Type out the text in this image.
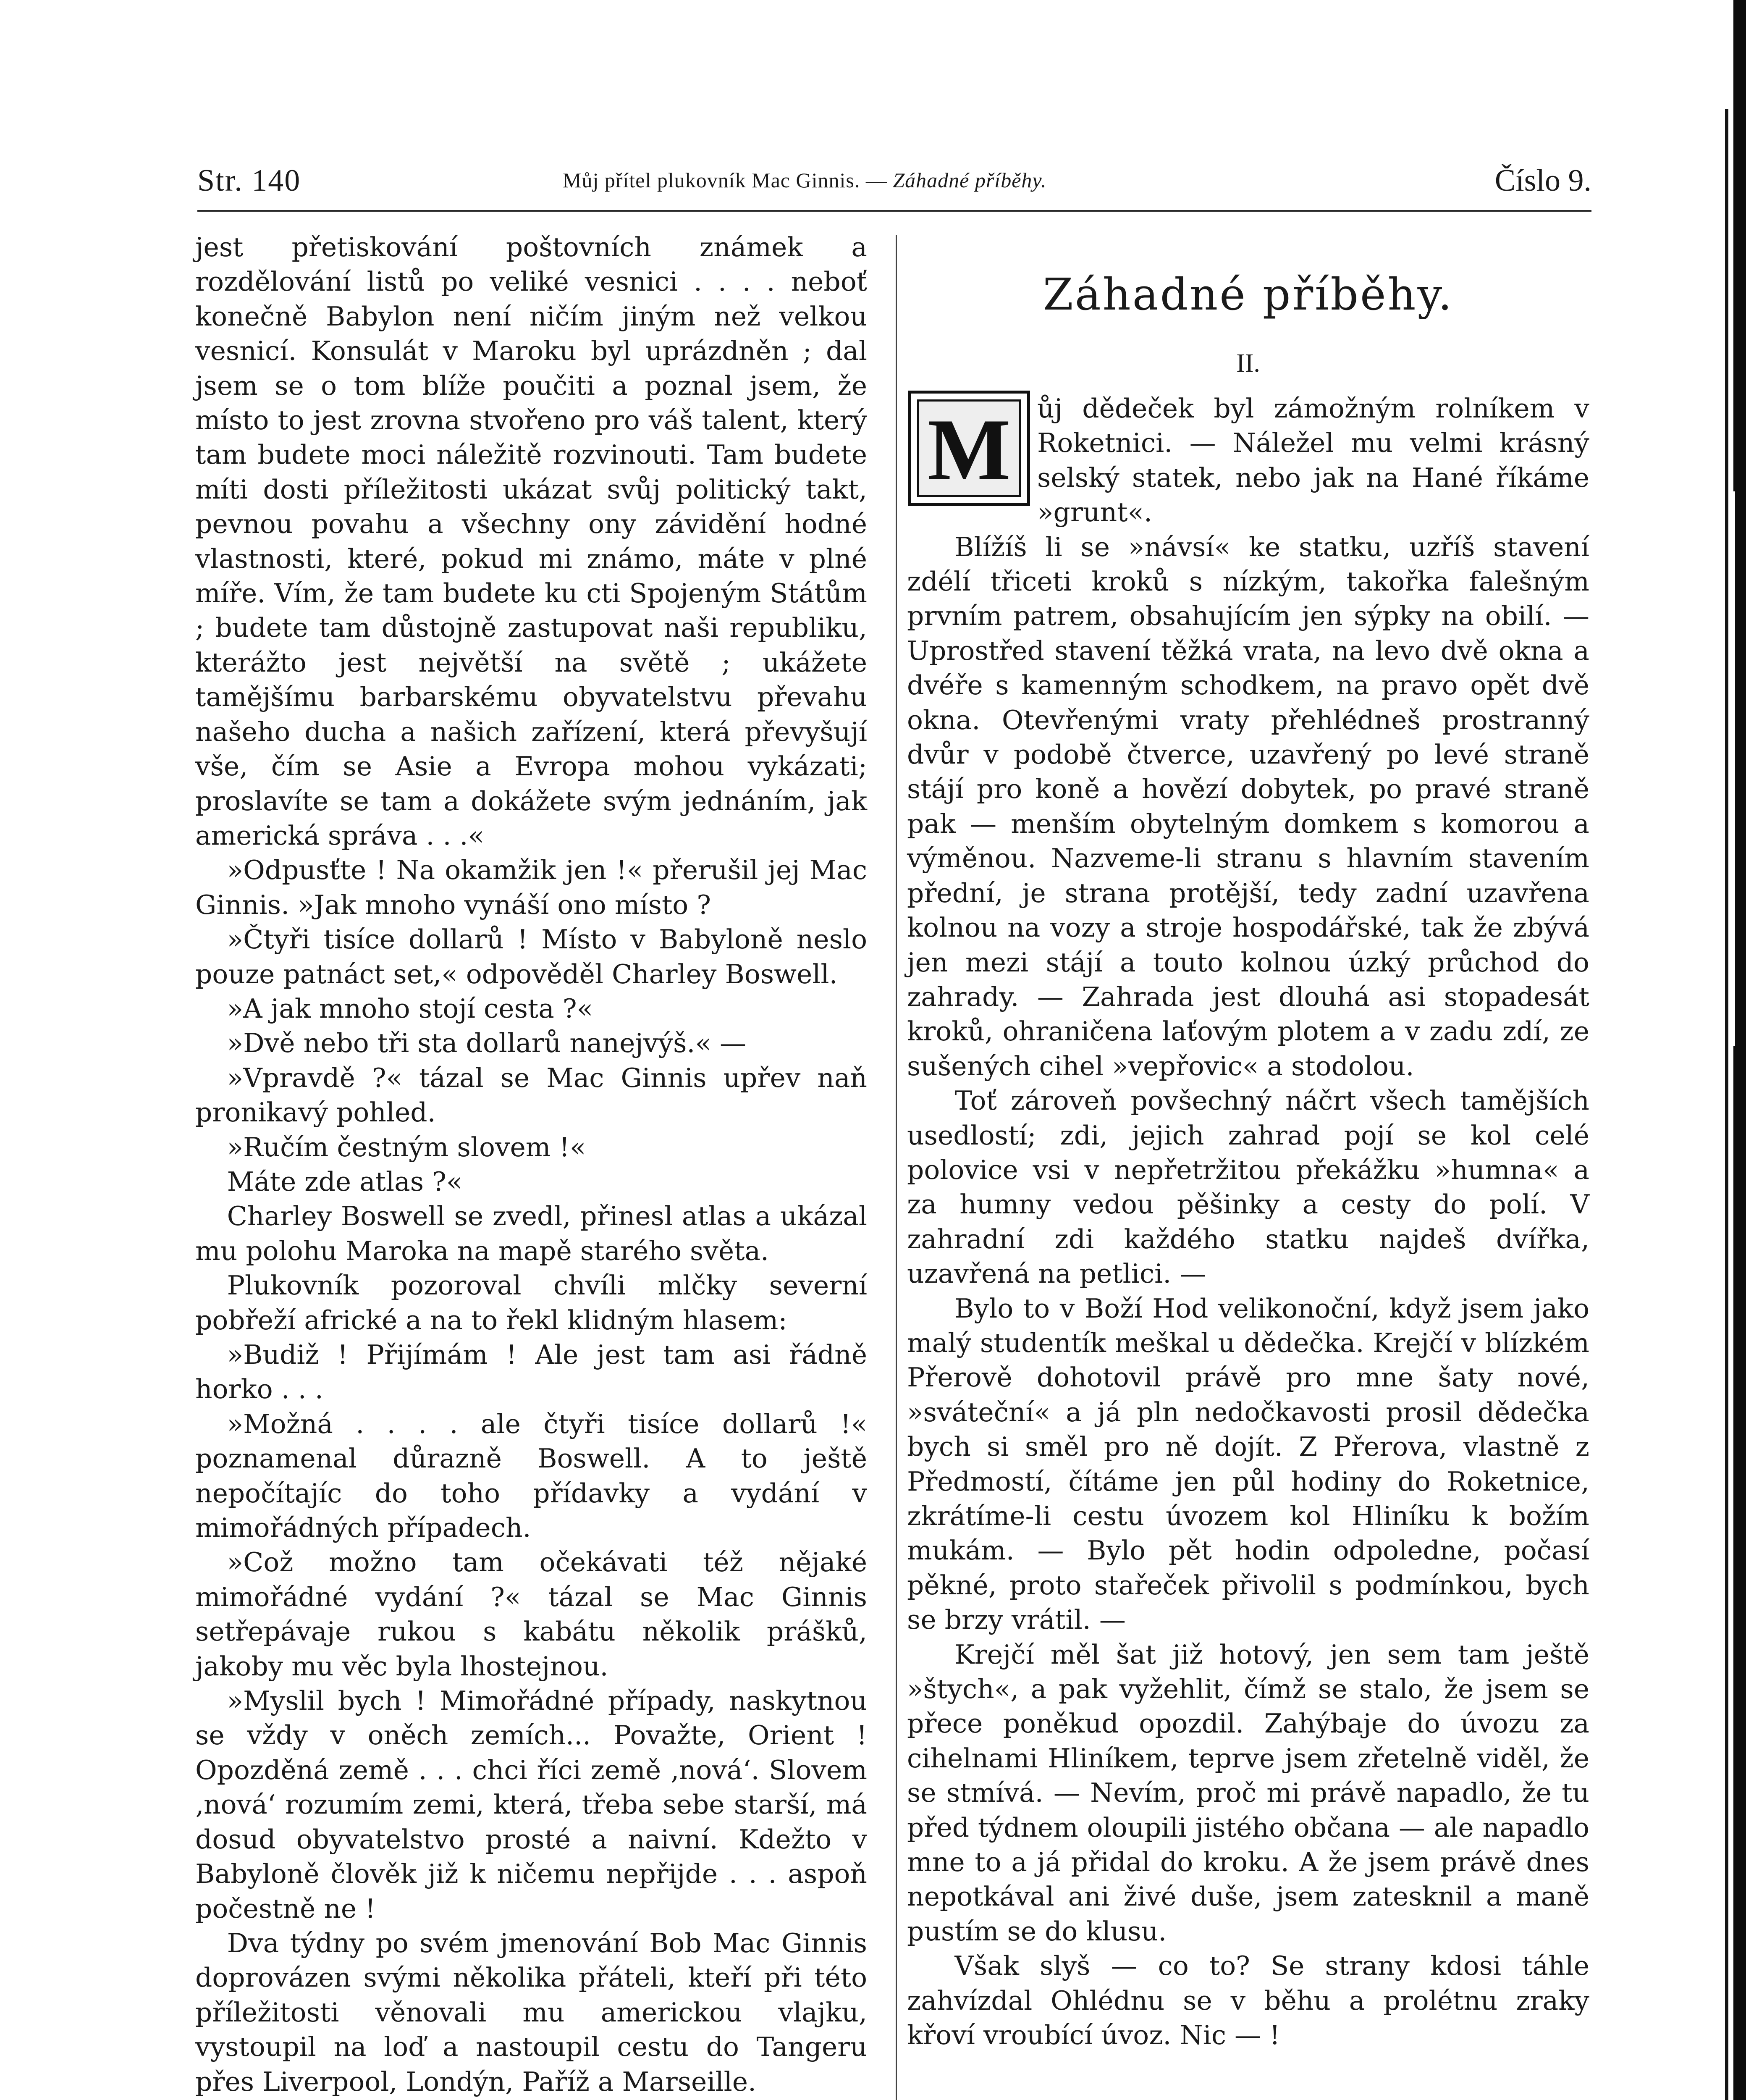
Str. 140	Můj přítel plukovník Mac Ginnis. — Záhadné příběhy.	Číslo 9.

jest přetiskování poštovních známek a rozdělování listů po veliké vesnici . . . . neboť konečně Babylon není ničím jiným než velkou vesnicí. Konsulát v Maroku byl uprázdněn ; dal jsem se o tom blíže poučiti a poznal jsem, že místo to jest zrovna stvořeno pro váš talent, který tam budete moci náležitě rozvinouti. Tam budete míti dosti příležitosti ukázat svůj politický takt, pevnou povahu a všechny ony závidění hodné vlastnosti, které, pokud mi známo, máte v plné míře. Vím, že tam budete ku cti Spojeným Státům ; budete tam důstojně zastupovat naši republiku, kterážto jest největší na světě ; ukážete tamějšímu barbarskému obyvatelstvu převahu našeho ducha a našich zařízení, která převyšují vše, čím se Asie a Evropa mohou vykázati; proslavíte se tam a dokážete svým jednáním, jak americká správa . . .«

»Odpusťte ! Na okamžik jen !« přerušil jej Mac Ginnis. »Jak mnoho vynáší ono místo ?

»Čtyři tisíce dollarů ! Místo v Babyloně neslo pouze patnáct set,« odpověděl Charley Boswell.

»A jak mnoho stojí cesta ?«

»Dvě nebo tři sta dollarů nanejvýš.« —

»Vpravdě ?« tázal se Mac Ginnis upřev naň pronikavý pohled.

»Ručím čestným slovem !«

Máte zde atlas ?«

Charley Boswell se zvedl, přinesl atlas a ukázal mu polohu Maroka na mapě starého světa.

Plukovník pozoroval chvíli mlčky severní pobřeží africké a na to řekl klidným hlasem:

»Budiž ! Přijímám ! Ale jest tam asi řádně horko . . .

»Možná . . . . ale čtyři tisíce dollarů !« poznamenal důrazně Boswell. A to ještě nepočítajíc do toho přídavky a vydání v mimořádných případech.

»Což možno tam očekávati též nějaké mimořádné vydání ?« tázal se Mac Ginnis setřepávaje rukou s kabátu několik prášků, jakoby mu věc byla lhostejnou.

»Myslil bych ! Mimořádné případy, naskytnou se vždy v oněch zemích... Považte, Orient ! Opozděná země . . . chci říci země ‚nová‘. Slovem ‚nová‘ rozumím zemi, která, třeba sebe starší, má dosud obyvatelstvo prosté a naivní. Kdežto v Babyloně člověk již k ničemu nepřijde . . . aspoň počestně ne !

Dva týdny po svém jmenování Bob Mac Ginnis doprovázen svými několika přáteli, kteří při této příležitosti věnovali mu americkou vlajku, vystoupil na loď a nastoupil cestu do Tangeru přes Liverpool, Londýn, Paříž a Marseille.

Záhadné příběhy.
II.
M ůj dědeček byl zámožným rolníkem v Roketnici. — Náležel mu velmi krásný selský statek, nebo jak na Hané říkáme »grunt«.

Blížíš li se »návsí« ke statku, uzříš stavení zdélí třiceti kroků s nízkým, takořka falešným prvním patrem, obsahujícím jen sýpky na obilí. — Uprostřed stavení těžká vrata, na levo dvě okna a dvéře s kamenným schodkem, na pravo opět dvě okna. Otevřenými vraty přehlédneš prostranný dvůr v podobě čtverce, uzavřený po levé straně stájí pro koně a hovězí dobytek, po pravé straně pak — menším obytelným domkem s komorou a výměnou. Nazveme-li stranu s hlavním stavením přední, je strana protější, tedy zadní uzavřena kolnou na vozy a stroje hospodářské, tak že zbývá jen mezi stájí a touto kolnou úzký průchod do zahrady. — Zahrada jest dlouhá asi stopadesát kroků, ohraničena laťovým plotem a v zadu zdí, ze sušených cihel »vepřovic« a stodolou.

Toť zároveň povšechný náčrt všech tamějších usedlostí; zdi, jejich zahrad pojí se kol celé polovice vsi v nepřetržitou překážku »humna« a za humny vedou pěšinky a cesty do polí. V zahradní zdi každého statku najdeš dvířka, uzavřená na petlici. —

Bylo to v Boží Hod velikonoční, když jsem jako malý studentík meškal u dědečka. Krejčí v blízkém Přerově dohotovil právě pro mne šaty nové, »sváteční« a já pln nedočkavosti prosil dědečka bych si směl pro ně dojít. Z Přerova, vlastně z Předmostí, čítáme jen půl hodiny do Roketnice, zkrátíme-li cestu úvozem kol Hliníku k božím mukám. — Bylo pět hodin odpoledne, počasí pěkné, proto stařeček přivolil s podmínkou, bych se brzy vrátil. —

Krejčí měl šat již hotový, jen sem tam ještě »štych«, a pak vyžehlit, čímž se stalo, že jsem se přece poněkud opozdil. Zahýbaje do úvozu za cihelnami Hliníkem, teprve jsem zřetelně viděl, že se stmívá. — Nevím, proč mi právě napadlo, že tu před týdnem oloupili jistého občana — ale napadlo mne to a já přidal do kroku. A že jsem právě dnes nepotkával ani živé duše, jsem zatesknil a maně pustím se do klusu.

Však slyš — co to? Se strany kdosi táhle zahvízdal Ohlédnu se v běhu a prolétnu zraky křoví vroubící úvoz. Nic — !
